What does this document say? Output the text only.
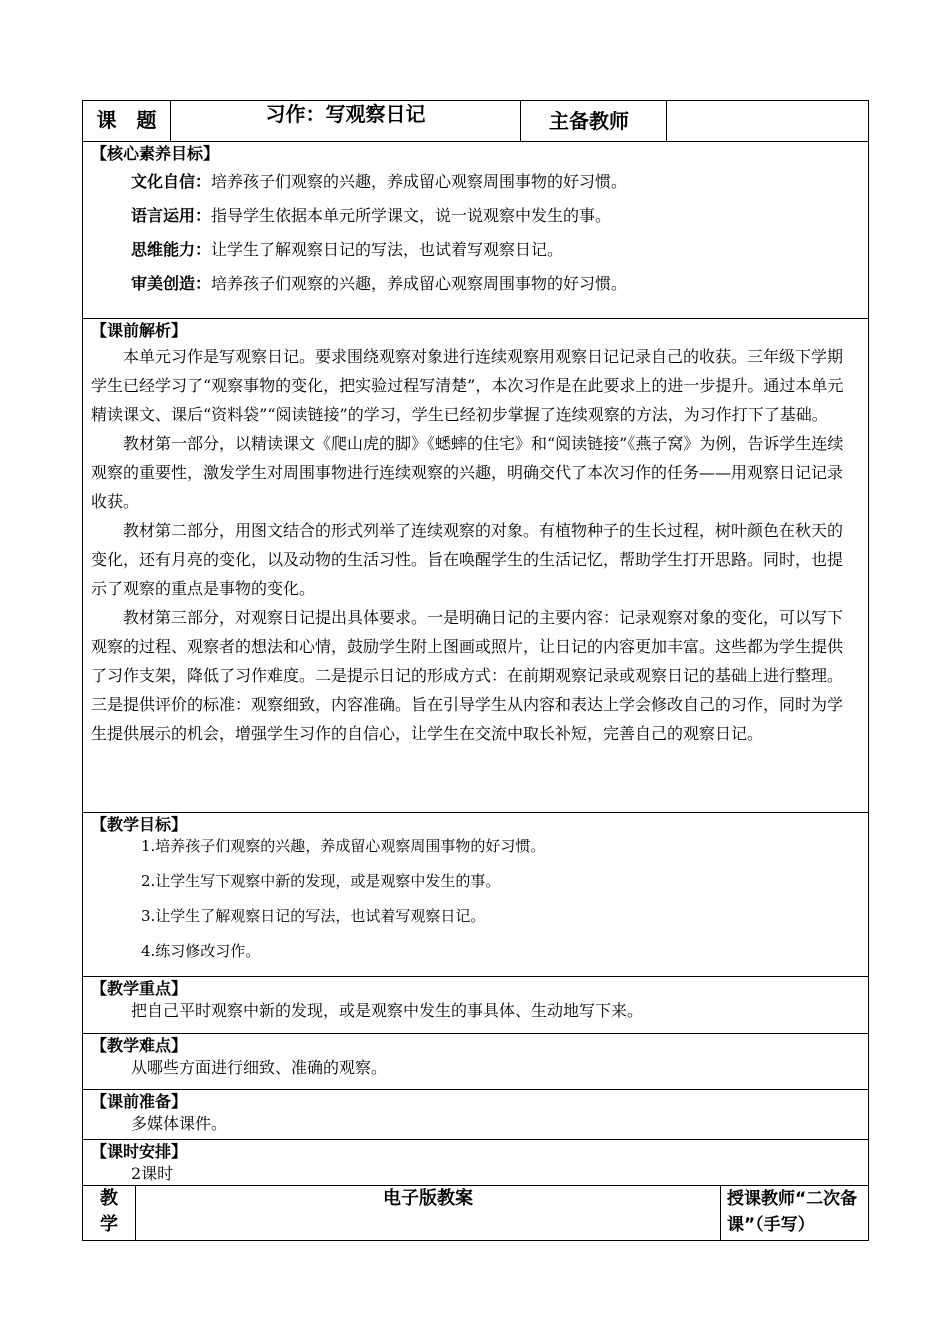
课　题	习作：写观察日记	主备教师	

【核心素养目标】
文化自信：培养孩子们观察的兴趣，养成留心观察周围事物的好习惯。
语言运用：指导学生依据本单元所学课文，说一说观察中发生的事。
思维能力：让学生了解观察日记的写法，也试着写观察日记。
审美创造：培养孩子们观察的兴趣，养成留心观察周围事物的好习惯。

【课前解析】
本单元习作是写观察日记。要求围绕观察对象进行连续观察用观察日记记录自己的收获。三年级下学期学生已经学习了“观察事物的变化，把实验过程写清楚”，本次习作是在此要求上的进一步提升。通过本单元精读课文、课后“资料袋”“阅读链接”的学习，学生已经初步掌握了连续观察的方法，为习作打下了基础。
教材第一部分，以精读课文《爬山虎的脚》《蟋蟀的住宅》和“阅读链接”《燕子窝》为例，告诉学生连续观察的重要性，激发学生对周围事物进行连续观察的兴趣，明确交代了本次习作的任务——用观察日记记录收获。
教材第二部分，用图文结合的形式列举了连续观察的对象。有植物种子的生长过程，树叶颜色在秋天的变化，还有月亮的变化，以及动物的生活习性。旨在唤醒学生的生活记忆，帮助学生打开思路。同时，也提示了观察的重点是事物的变化。
教材第三部分，对观察日记提出具体要求。一是明确日记的主要内容：记录观察对象的变化，可以写下观察的过程、观察者的想法和心情，鼓励学生附上图画或照片，让日记的内容更加丰富。这些都为学生提供了习作支架，降低了习作难度。二是提示日记的形成方式：在前期观察记录或观察日记的基础上进行整理。三是提供评价的标准：观察细致，内容准确。旨在引导学生从内容和表达上学会修改自己的习作，同时为学生提供展示的机会，增强学生习作的自信心，让学生在交流中取长补短，完善自己的观察日记。

【教学目标】
1.培养孩子们观察的兴趣，养成留心观察周围事物的好习惯。
2.让学生写下观察中新的发现，或是观察中发生的事。
3.让学生了解观察日记的写法，也试着写观察日记。
4.练习修改习作。

【教学重点】
把自己平时观察中新的发现，或是观察中发生的事具体、生动地写下来。

【教学难点】
从哪些方面进行细致、准确的观察。

【课前准备】
多媒体课件。

【课时安排】
2课时
教学	电子版教案	授课教师“二次备课”（手写）
